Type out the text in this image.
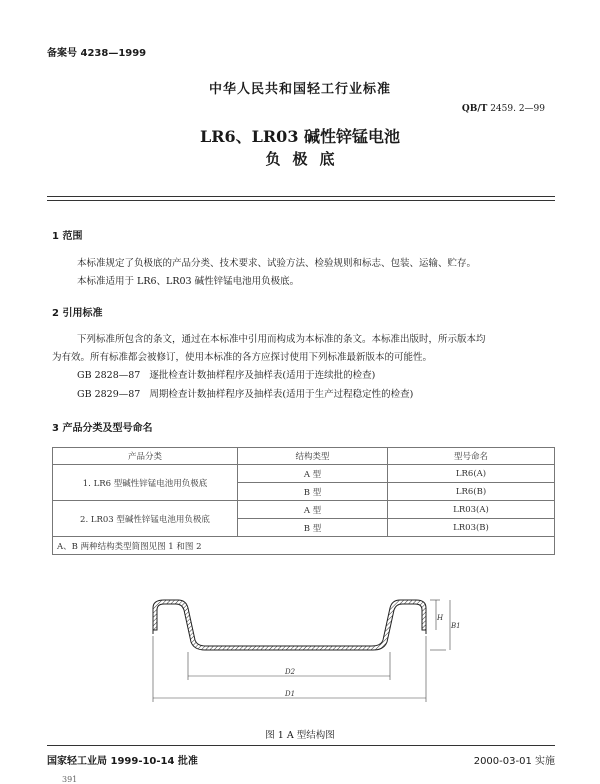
备案号 4238—1999
中华人民共和国轻工行业标准
QB/T 2459. 2—99
LR6、LR03 碱性锌锰电池
负极底
1 范围
本标准规定了负极底的产品分类、技术要求、试验方法、检验规则和标志、包装、运输、贮存。
本标准适用于 LR6、LR03 碱性锌锰电池用负极底。
2 引用标准
下列标准所包含的条文，通过在本标准中引用而构成为本标准的条文。本标准出版时，所示版本均
为有效。所有标准都会被修订，使用本标准的各方应探讨使用下列标准最新版本的可能性。
GB 2828—87 逐批检查计数抽样程序及抽样表(适用于连续批的检查)
GB 2829—87 周期检查计数抽样程序及抽样表(适用于生产过程稳定性的检查)
3 产品分类及型号命名
产品分类	结构类型	型号命名
1. LR6 型碱性锌锰电池用负极底	A 型	LR6(A)
	B 型	LR6(B)
2. LR03 型碱性锌锰电池用负极底	A 型	LR03(A)
	B 型	LR03(B)
A、B 两种结构类型简图见图 1 和图 2		
H
B1
D2
D1
图 1 A 型结构图
国家轻工业局 1999-10-14 批准	2000-03-01 实施
391
